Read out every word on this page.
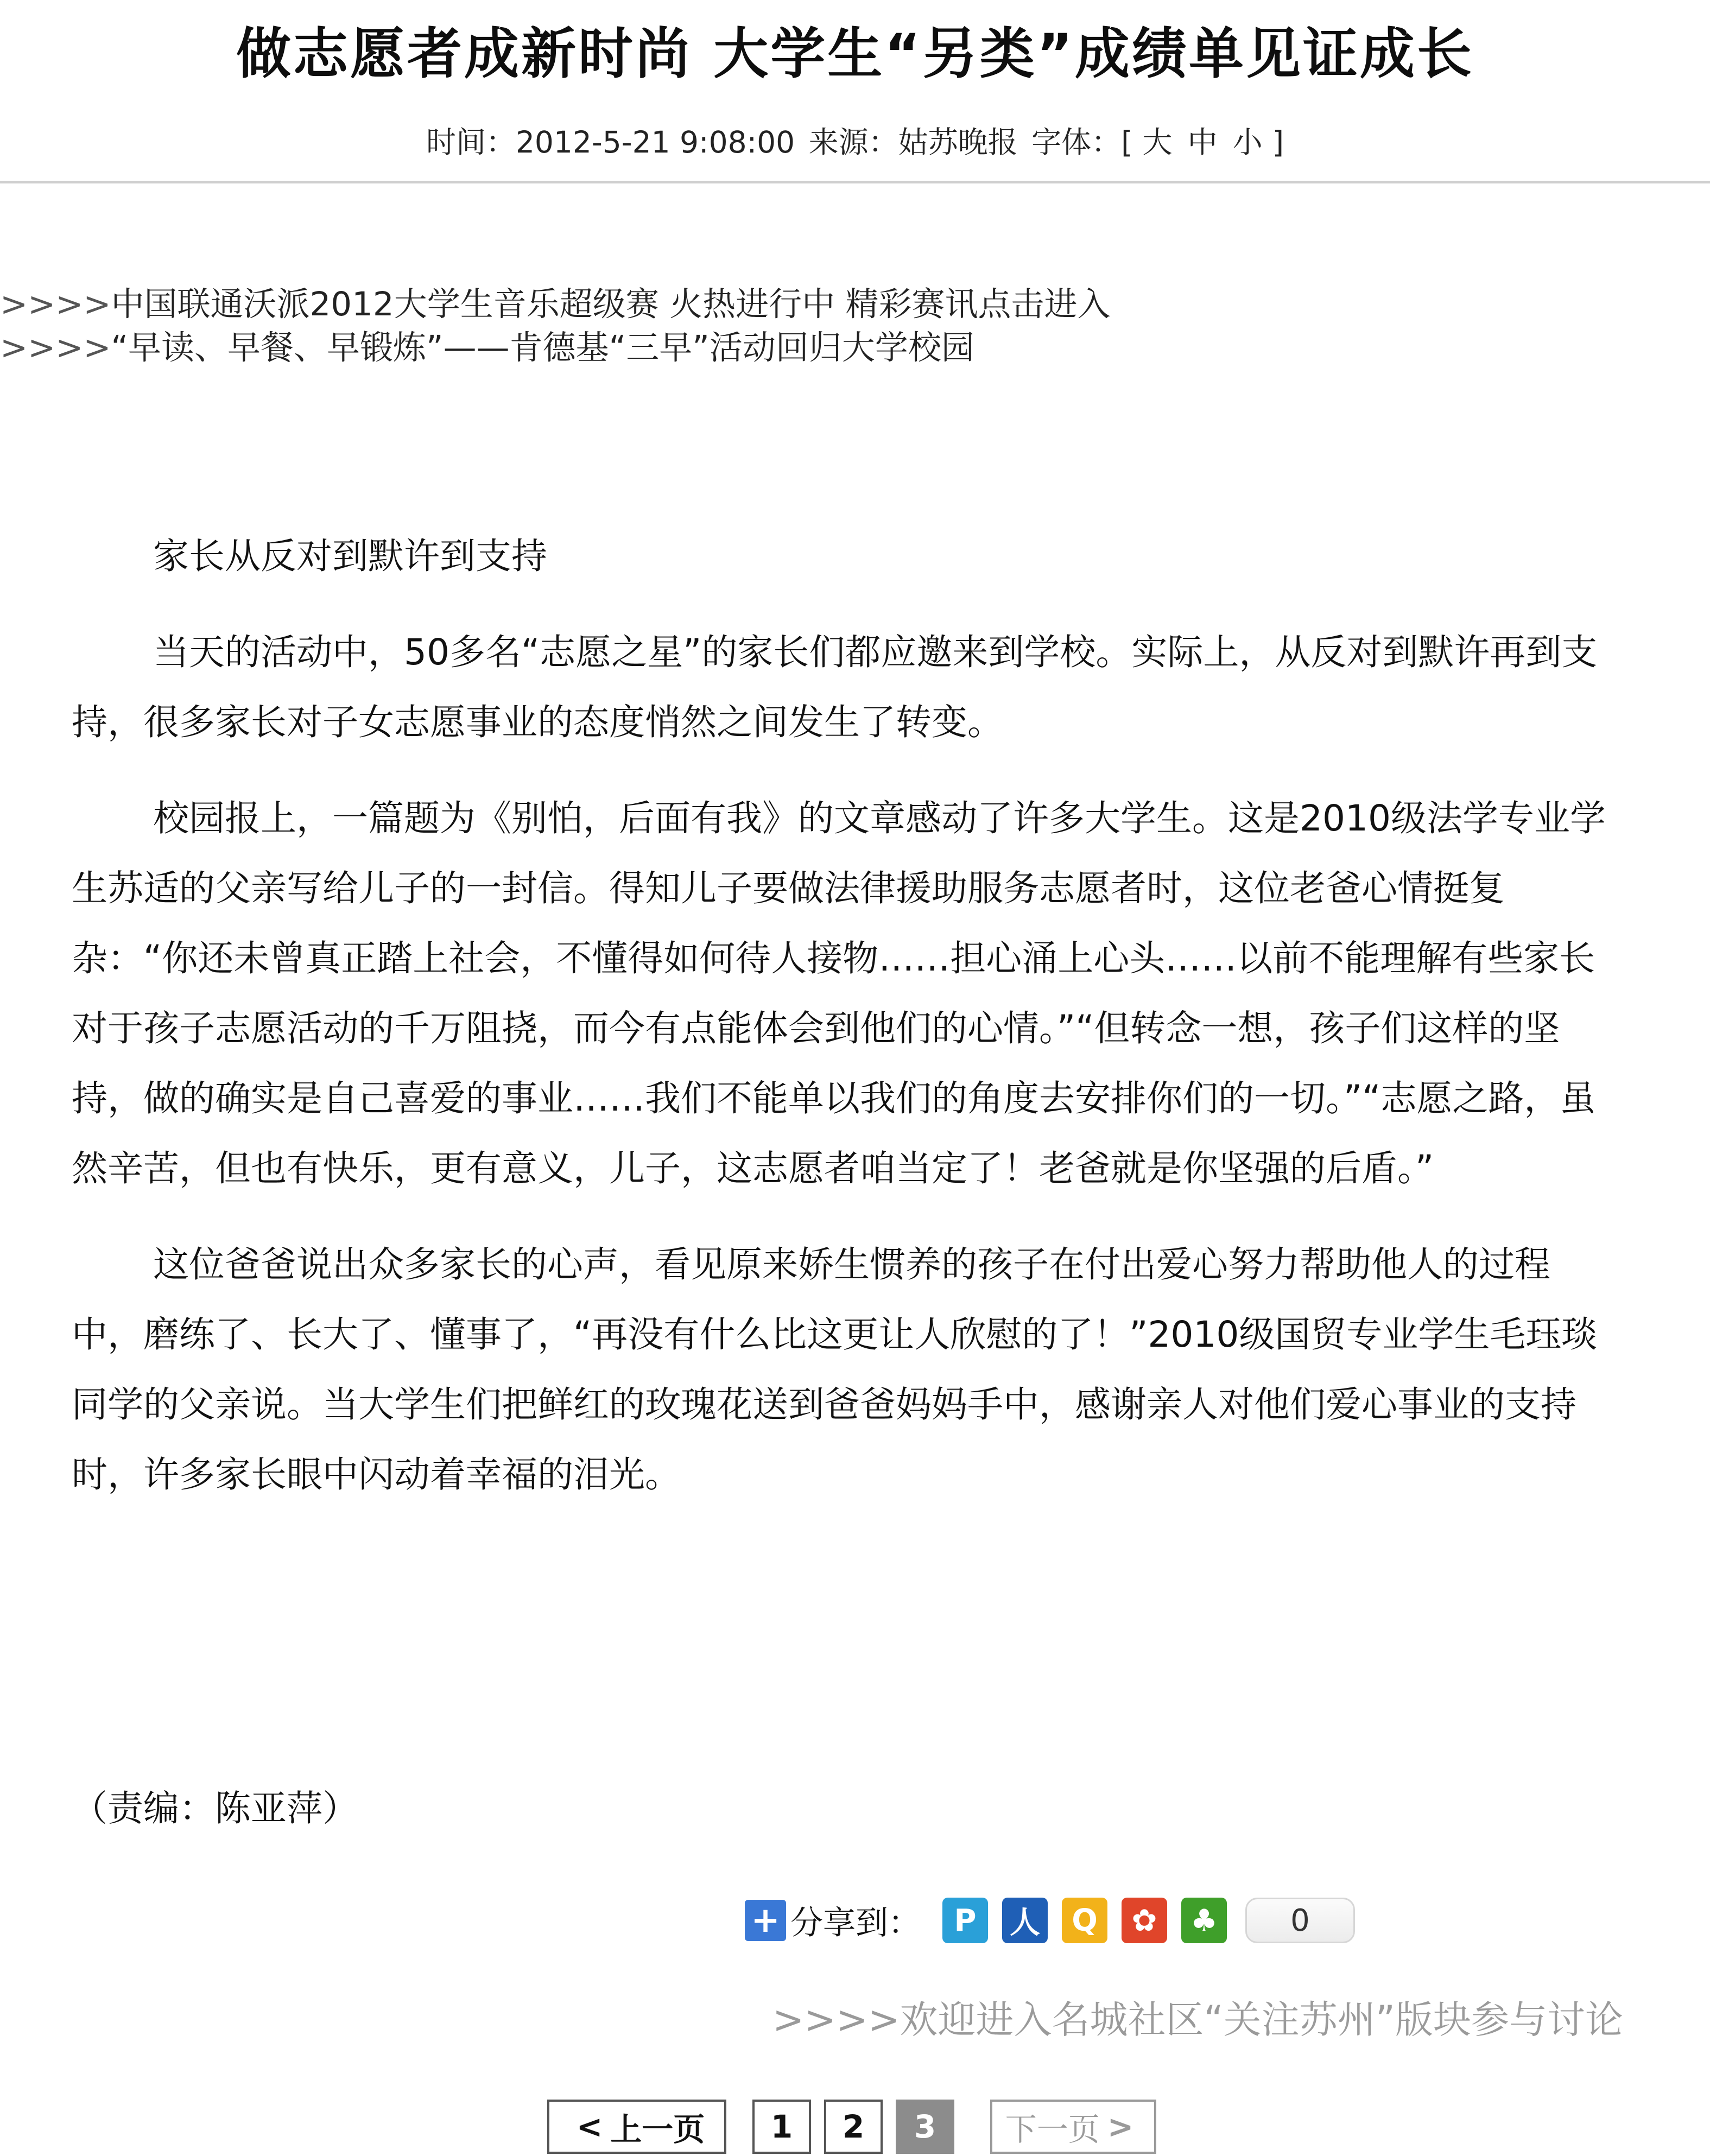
做志愿者成新时尚 大学生“另类”成绩单见证成长
时间：2012-5-21 9:08:00 来源：姑苏晚报 字体：[ 大 中 小 ]
>>>>中国联通沃派2012大学生音乐超级赛 火热进行中 精彩赛讯点击进入
>>>>“早读、早餐、早锻炼”——肯德基“三早”活动回归大学校园

家长从反对到默许到支持

当天的活动中，50多名“志愿之星”的家长们都应邀来到学校。实际上，从反对到默许再到支持，很多家长对子女志愿事业的态度悄然之间发生了转变。

校园报上，一篇题为《别怕，后面有我》的文章感动了许多大学生。这是2010级法学专业学生苏适的父亲写给儿子的一封信。得知儿子要做法律援助服务志愿者时，这位老爸心情挺复杂：“你还未曾真正踏上社会，不懂得如何待人接物……担心涌上心头……以前不能理解有些家长对于孩子志愿活动的千万阻挠，而今有点能体会到他们的心情。”“但转念一想，孩子们这样的坚持，做的确实是自己喜爱的事业……我们不能单以我们的角度去安排你们的一切。”“志愿之路，虽然辛苦，但也有快乐，更有意义，儿子，这志愿者咱当定了！老爸就是你坚强的后盾。”

这位爸爸说出众多家长的心声，看见原来娇生惯养的孩子在付出爱心努力帮助他人的过程中，磨练了、长大了、懂事了，“再没有什么比这更让人欣慰的了！”2010级国贸专业学生毛珏琰同学的父亲说。当大学生们把鲜红的玫瑰花送到爸爸妈妈手中，感谢亲人对他们爱心事业的支持时，许多家长眼中闪动着幸福的泪光。

（责编：陈亚萍）
+ 分享到：	P	人	Q	✿	♣	0
>>>>欢迎进入名城社区“关注苏州”版块参与讨论
< 上一页	1	2	3	下一页 >
